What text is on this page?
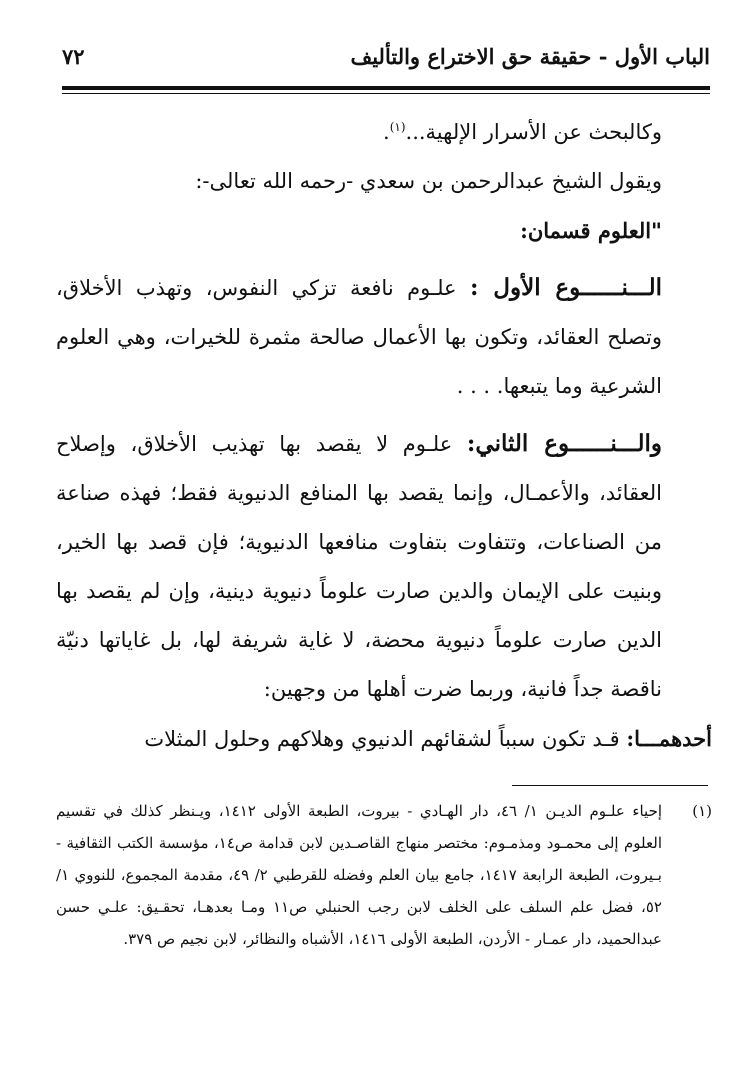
الباب الأول - حقيقة حق الاختراع والتأليف
٧٢

وكالبحث عن الأسرار الإلهية...$^{(١)}$.

ويقول الشيخ عبدالرحمن بن سعدي -رحمه الله تعالى-:

"العلوم قسمان:

الـــنــــــوع الأول : علـوم نافعة تزكي النفوس، وتهذب الأخلاق، وتصلح العقائد، وتكون بها الأعمال صالحة مثمرة للخيرات، وهي العلوم الشرعية وما يتبعها. . . .

والـــنــــــوع الثاني: علـوم لا يقصد بها تهذيب الأخلاق، وإصلاح العقائد، والأعمـال، وإنما يقصد بها المنافع الدنيوية فقط؛ فهذه صناعة من الصناعات، وتتفاوت بتفاوت منافعها الدنيوية؛ فإن قصد بها الخير، وبنيت على الإيمان والدين صارت علوماً دنيوية دينية، وإن لم يقصد بها الدين صارت علوماً دنيوية محضة، لا غاية شريفة لها، بل غاياتها دنيّة ناقصة جداً فانية، وربما ضرت أهلها من وجهين:

أحدهمـــا: قـد تكون سبباً لشقائهم الدنيوي وهلاكهم وحلول المثلات

(١)

إحياء علـوم الديـن ١/ ٤٦، دار الهـادي - بيروت، الطبعة الأولى ١٤١٢، ويـنظر كذلك في تقسيم العلوم إلى محمـود ومذمـوم: مختصر منهاج القاصـدين لابن قدامة ص١٤، مؤسسة الكتب الثقافية - بـيروت، الطبعة الرابعة ١٤١٧، جامع بيان العلم وفضله للقرطبي ٢/ ٤٩، مقدمة المجموع، للنووي ١/ ٥٢، فضل علم السلف على الخلف لابن رجب الحنبلي ص١١ ومـا بعدهـا، تحقـيق: علـي حسن عبدالحميد، دار عمـار - الأردن، الطبعة الأولى ١٤١٦، الأشباه والنظائر، لابن نجيم ص ٣٧٩.
